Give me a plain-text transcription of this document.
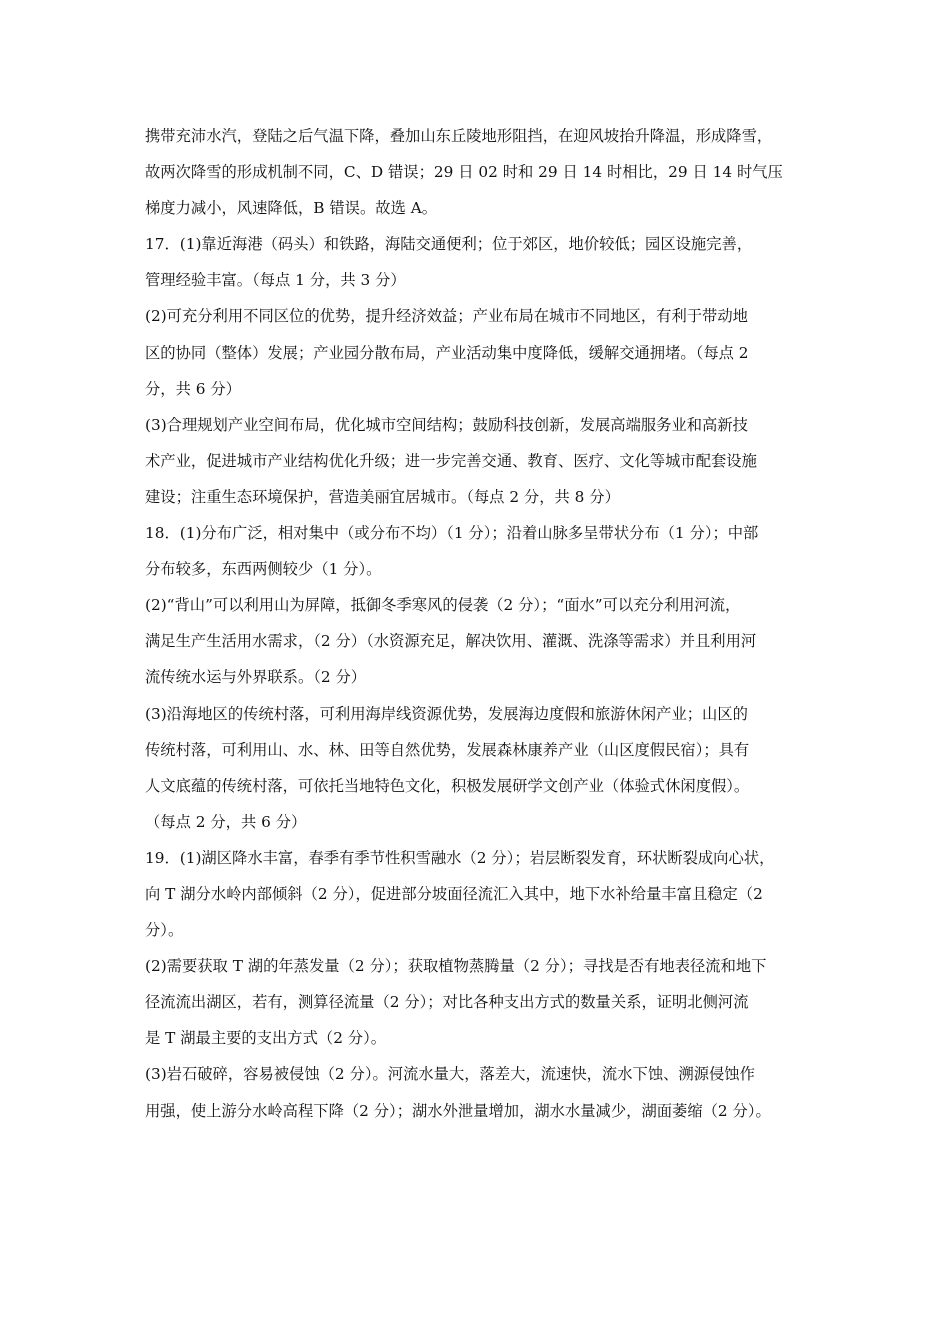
携带充沛水汽，登陆之后气温下降，叠加山东丘陵地形阻挡，在迎风坡抬升降温，形成降雪，
故两次降雪的形成机制不同，C、D 错误；29 日 02 时和 29 日 14 时相比，29 日 14 时气压
梯度力减小，风速降低，B 错误。故选 A。
17．(1)靠近海港（码头）和铁路，海陆交通便利；位于郊区，地价较低；园区设施完善，
管理经验丰富。（每点 1 分，共 3 分）
(2)可充分利用不同区位的优势，提升经济效益；产业布局在城市不同地区，有利于带动地
区的协同（整体）发展；产业园分散布局，产业活动集中度降低，缓解交通拥堵。（每点 2
分，共 6 分）
(3)合理规划产业空间布局，优化城市空间结构；鼓励科技创新，发展高端服务业和高新技
术产业，促进城市产业结构优化升级；进一步完善交通、教育、医疗、文化等城市配套设施
建设；注重生态环境保护，营造美丽宜居城市。（每点 2 分，共 8 分）
18．(1)分布广泛，相对集中（或分布不均）（1 分）；沿着山脉多呈带状分布（1 分）；中部
分布较多，东西两侧较少（1 分）。
(2)“背山”可以利用山为屏障，抵御冬季寒风的侵袭（2 分）；“面水”可以充分利用河流，
满足生产生活用水需求，（2 分）（水资源充足，解决饮用、灌溉、洗涤等需求）并且利用河
流传统水运与外界联系。（2 分）
(3)沿海地区的传统村落，可利用海岸线资源优势，发展海边度假和旅游休闲产业；山区的
传统村落，可利用山、水、林、田等自然优势，发展森林康养产业（山区度假民宿）；具有
人文底蕴的传统村落，可依托当地特色文化，积极发展研学文创产业（体验式休闲度假）。
（每点 2 分，共 6 分）
19．(1)湖区降水丰富，春季有季节性积雪融水（2 分）；岩层断裂发育，环状断裂成向心状，
向 T 湖分水岭内部倾斜（2 分），促进部分坡面径流汇入其中，地下水补给量丰富且稳定（2
分）。
(2)需要获取 T 湖的年蒸发量（2 分）；获取植物蒸腾量（2 分）；寻找是否有地表径流和地下
径流流出湖区，若有，测算径流量（2 分）；对比各种支出方式的数量关系，证明北侧河流
是 T 湖最主要的支出方式（2 分）。
(3)岩石破碎，容易被侵蚀（2 分）。河流水量大，落差大，流速快，流水下蚀、溯源侵蚀作
用强，使上游分水岭高程下降（2 分）；湖水外泄量增加，湖水水量减少，湖面萎缩（2 分）。
